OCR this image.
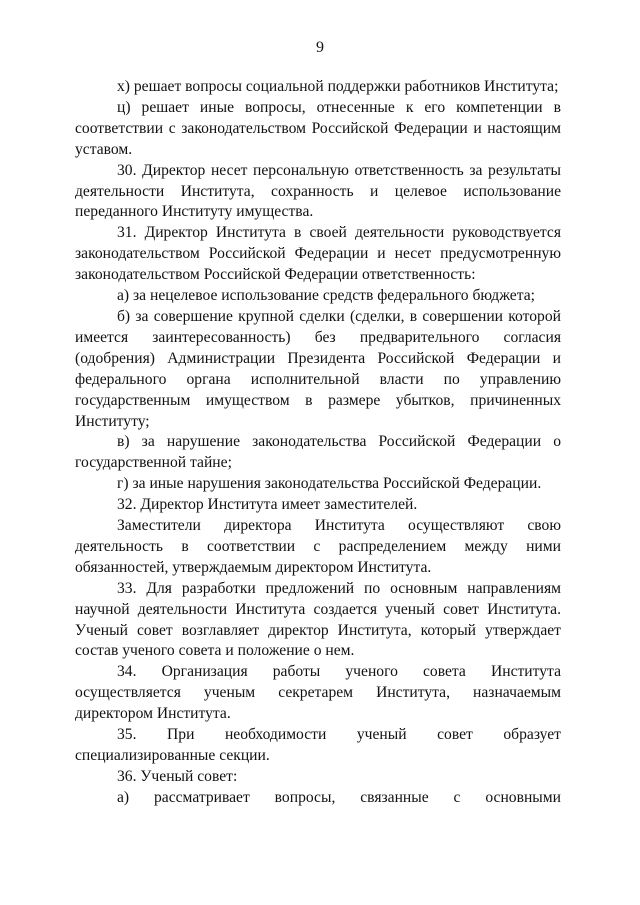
9

х) решает вопросы социальной поддержки работников Института;

ц) решает иные вопросы, отнесенные к его компетенции в соответствии с законодательством Российской Федерации и настоящим уставом.

30. Директор несет персональную ответственность за результаты деятельности Института, сохранность и целевое использование переданного Институту имущества.

31. Директор Института в своей деятельности руководствуется законодательством Российской Федерации и несет предусмотренную законодательством Российской Федерации ответственность:

а) за нецелевое использование средств федерального бюджета;

б) за совершение крупной сделки (сделки, в совершении которой имеется заинтересованность) без предварительного согласия (одобрения) Администрации Президента Российской Федерации и федерального органа исполнительной власти по управлению государственным имуществом в размере убытков, причиненных Институту;

в) за нарушение законодательства Российской Федерации о государственной тайне;

г) за иные нарушения законодательства Российской Федерации.

32. Директор Института имеет заместителей.

Заместители директора Института осуществляют свою деятельность в соответствии с распределением между ними обязанностей, утверждаемым директором Института.

33. Для разработки предложений по основным направлениям научной деятельности Института создается ученый совет Института. Ученый совет возглавляет директор Института, который утверждает состав ученого совета и положение о нем.

34. Организация работы ученого совета Института осуществляется ученым секретарем Института, назначаемым директором Института.

35. При необходимости ученый совет образует специализированные секции.

36. Ученый совет:

а) рассматривает вопросы, связанные с основными
